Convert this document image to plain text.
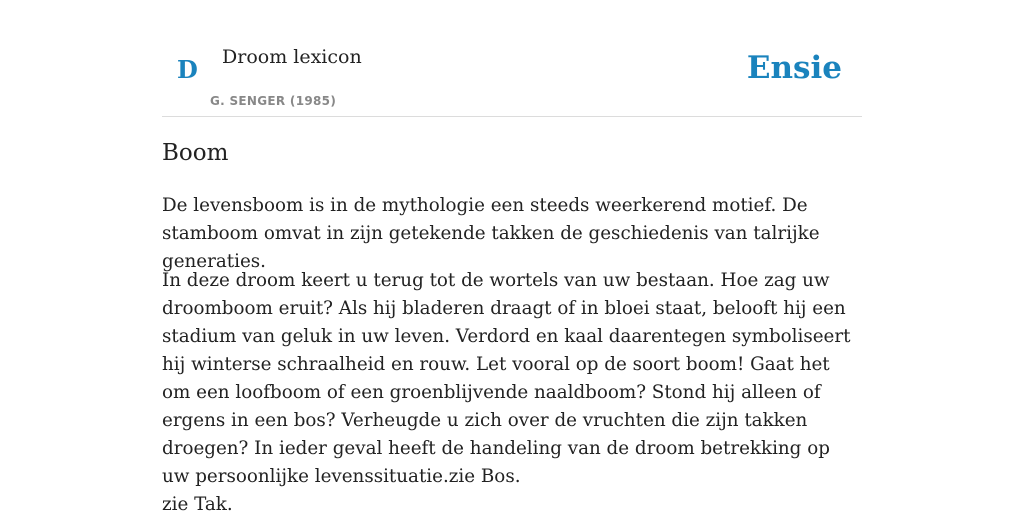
D Droom lexicon
G. SENGER (1985)
Ensie
Boom

De levensboom is in de mythologie een steeds weerkerend motief. De stamboom omvat in zijn getekende takken de geschiedenis van talrijke generaties.

In deze droom keert u terug tot de wortels van uw bestaan. Hoe zag uw droomboom eruit? Als hij bladeren draagt of in bloei staat, belooft hij een stadium van geluk in uw leven. Verdord en kaal daarentegen symboliseert hij winterse schraalheid en rouw. Let vooral op de soort boom! Gaat het om een loofboom of een groenblijvende naaldboom? Stond hij alleen of ergens in een bos? Verheugde u zich over de vruchten die zijn takken droegen? In ieder geval heeft de handeling van de droom betrekking op uw persoonlijke levenssituatie.zie Bos.

zie Tak.
